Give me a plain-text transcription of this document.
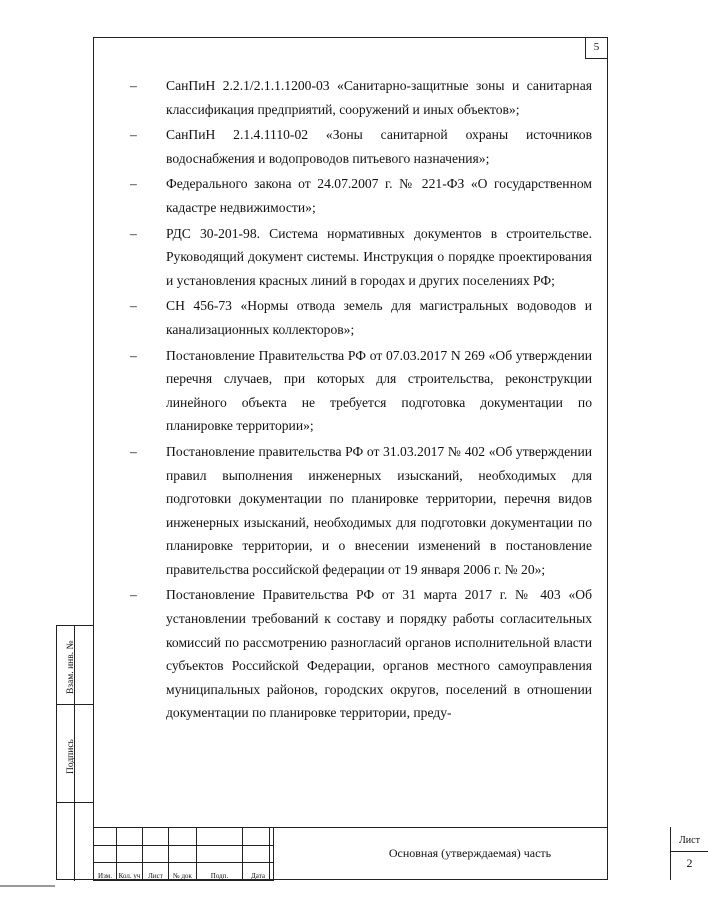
5
– СанПиН 2.2.1/2.1.1.1200-03 «Санитарно-защитные зоны и санитарная классификация предприятий, сооружений и иных объектов»;
– СанПиН 2.1.4.1110-02 «Зоны санитарной охраны источников водоснабжения и водопроводов питьевого назначения»;
– Федерального закона от 24.07.2007 г. № 221-ФЗ «О государственном кадастре недвижимости»;
– РДС 30-201-98. Система нормативных документов в строительстве. Руководящий документ системы. Инструкция о порядке проектирования и установления красных линий в городах и других поселениях РФ;
– СН 456-73 «Нормы отвода земель для магистральных водоводов и канализационных коллекторов»;
– Постановление Правительства РФ от 07.03.2017 N 269 «Об утверждении перечня случаев, при которых для строительства, реконструкции линейного объекта не требуется подготовка документации по планировке территории»;
– Постановление правительства РФ от 31.03.2017 № 402 «Об утверждении правил выполнения инженерных изысканий, необходимых для подготовки документации по планировке территории, перечня видов инженерных изысканий, необходимых для подготовки документации по планировке территории, и о внесении изменений в постановление правительства российской федерации от 19 января 2006 г. № 20»;
– Постановление Правительства РФ от 31 марта 2017 г. № 403 «Об установлении требований к составу и порядку работы согласительных комиссий по рассмотрению разногласий органов исполнительной власти субъектов Российской Федерации, органов местного самоуправления муниципальных районов, городских округов, поселений в отношении документации по планировке территории, преду-
Взам. инв. №
Подпись

Изм.	Кол. уч	Лист	№ док	Подп.	Дата
Основная (утверждаемая) часть
Лист
2
